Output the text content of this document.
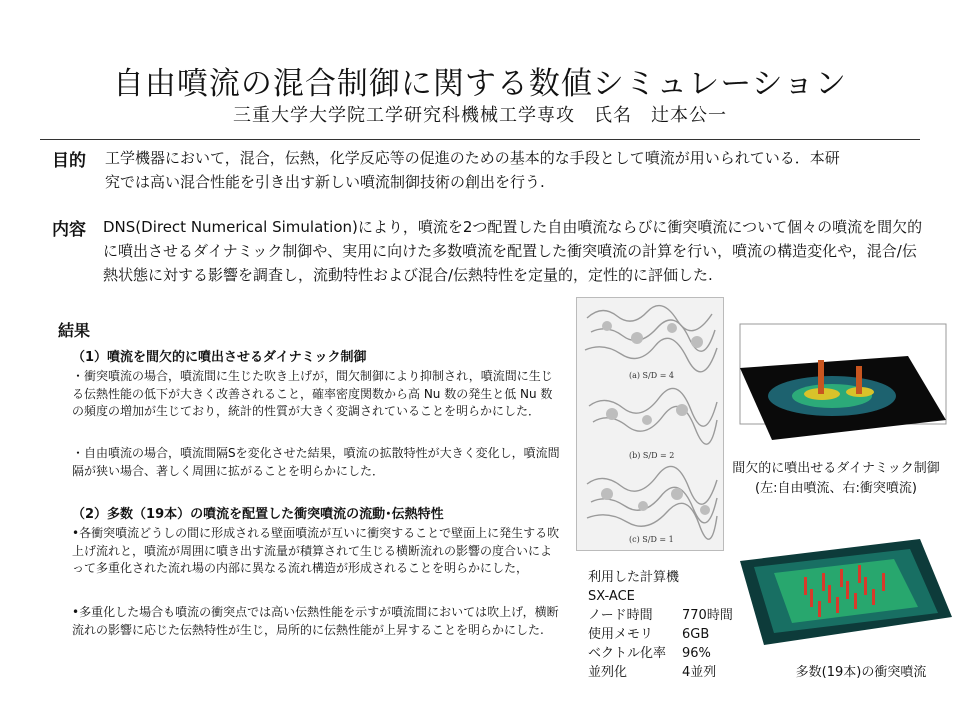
自由噴流の混合制御に関する数値シミュレーション
三重大学大学院工学研究科機械工学専攻　氏名　辻本公一
目的 工学機器において，混合，伝熱，化学反応等の促進のための基本的な手段として噴流が用いられている．本研究では高い混合性能を引き出す新しい噴流制御技術の創出を行う.
内容 DNS(Direct Numerical Simulation)により，噴流を2つ配置した自由噴流ならびに衝突噴流について個々の噴流を間欠的に噴出させるダイナミック制御や、実用に向けた多数噴流を配置した衝突噴流の計算を行い，噴流の構造変化や，混合/伝熱状態に対する影響を調査し，流動特性および混合/伝熱特性を定量的，定性的に評価した.
結果
（1）噴流を間欠的に噴出させるダイナミック制御
・衝突噴流の場合，噴流間に生じた吹き上げが，間欠制御により抑制され，噴流間に生じる伝熱性能の低下が大きく改善されること，確率密度関数から高 Nu 数の発生と低 Nu 数の頻度の増加が生じており，統計的性質が大きく変調されていることを明らかにした．
・自由噴流の場合，噴流間隔Sを変化させた結果，噴流の拡散特性が大きく変化し，噴流間隔が狭い場合、著しく周囲に拡がることを明らかにした．
（2）多数（19本）の噴流を配置した衝突噴流の流動･伝熱特性
•各衝突噴流どうしの間に形成される壁面噴流が互いに衝突することで壁面上に発生する吹上げ流れと，噴流が周囲に噴き出す流量が積算されて生じる横断流れの影響の度合いによって多重化された流れ場の内部に異なる流れ構造が形成されることを明らかにした，
•多重化した場合も噴流の衝突点では高い伝熱性能を示すが噴流間においては吹上げ，横断流れの影響に応じた伝熱特性が生じ，局所的に伝熱性能が上昇することを明らかにした.
(a) S/D = 4
(b) S/D = 2
(c) S/D = 1
間欠的に噴出せるダイナミック制御
(左:自由噴流、右:衝突噴流)
多数(19本)の衝突噴流
利用した計算機
SX-ACE
ノード時間	770時間
使用メモリ	6GB
ベクトル化率	96%
並列化	4並列
